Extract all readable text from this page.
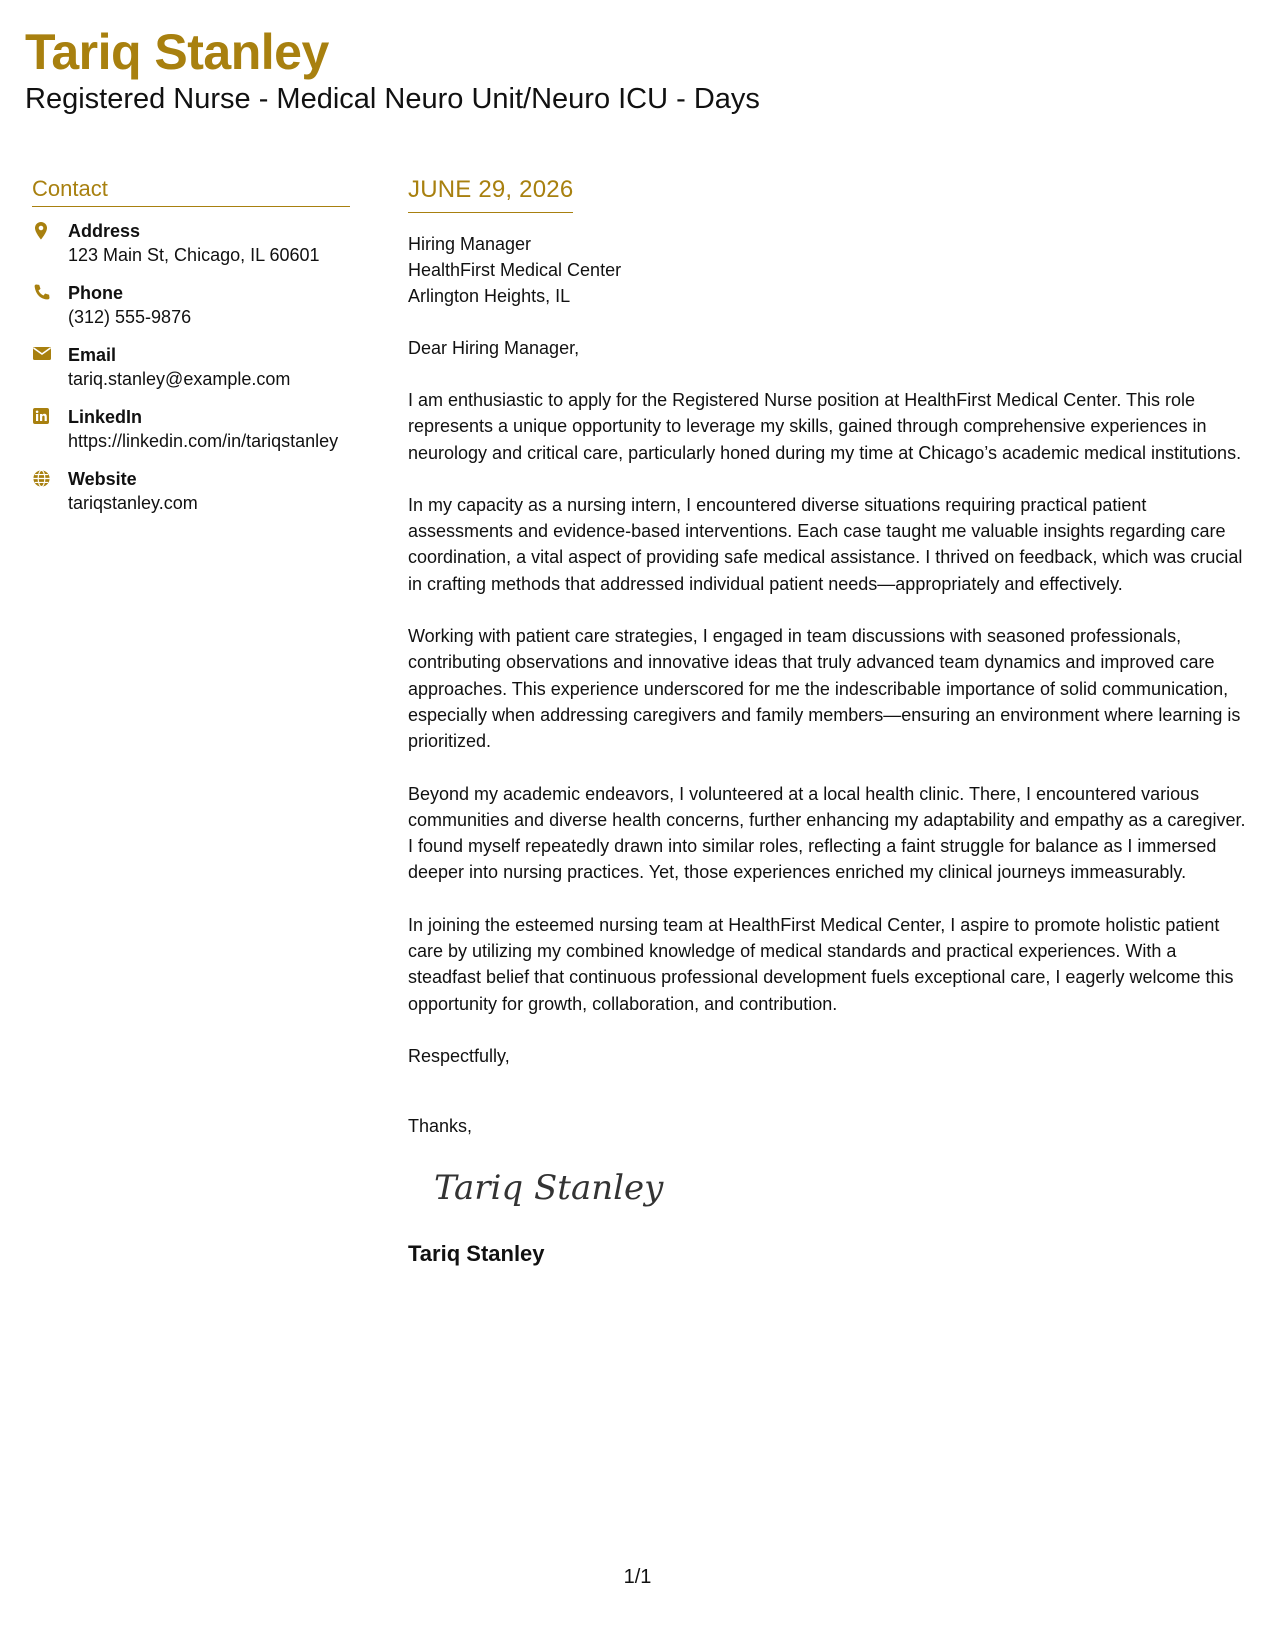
Tariq Stanley
Registered Nurse - Medical Neuro Unit/Neuro ICU - Days
Contact
Address
123 Main St, Chicago, IL 60601
Phone
(312) 555-9876
Email
tariq.stanley@example.com
LinkedIn
https://linkedin.com/in/tariqstanley
Website
tariqstanley.com
JUNE 29, 2026
Hiring Manager
HealthFirst Medical Center
Arlington Heights, IL
Dear Hiring Manager,
I am enthusiastic to apply for the Registered Nurse position at HealthFirst Medical Center. This role represents a unique opportunity to leverage my skills, gained through comprehensive experiences in neurology and critical care, particularly honed during my time at Chicago’s academic medical institutions.
In my capacity as a nursing intern, I encountered diverse situations requiring practical patient assessments and evidence-based interventions. Each case taught me valuable insights regarding care coordination, a vital aspect of providing safe medical assistance. I thrived on feedback, which was crucial in crafting methods that addressed individual patient needs—appropriately and effectively.
Working with patient care strategies, I engaged in team discussions with seasoned professionals, contributing observations and innovative ideas that truly advanced team dynamics and improved care approaches. This experience underscored for me the indescribable importance of solid communication, especially when addressing caregivers and family members—ensuring an environment where learning is prioritized.
Beyond my academic endeavors, I volunteered at a local health clinic. There, I encountered various communities and diverse health concerns, further enhancing my adaptability and empathy as a caregiver. I found myself repeatedly drawn into similar roles, reflecting a faint struggle for balance as I immersed deeper into nursing practices. Yet, those experiences enriched my clinical journeys immeasurably.
In joining the esteemed nursing team at HealthFirst Medical Center, I aspire to promote holistic patient care by utilizing my combined knowledge of medical standards and practical experiences. With a steadfast belief that continuous professional development fuels exceptional care, I eagerly welcome this opportunity for growth, collaboration, and contribution.
Respectfully,
Thanks,
Tariq Stanley
Tariq Stanley
1/1
